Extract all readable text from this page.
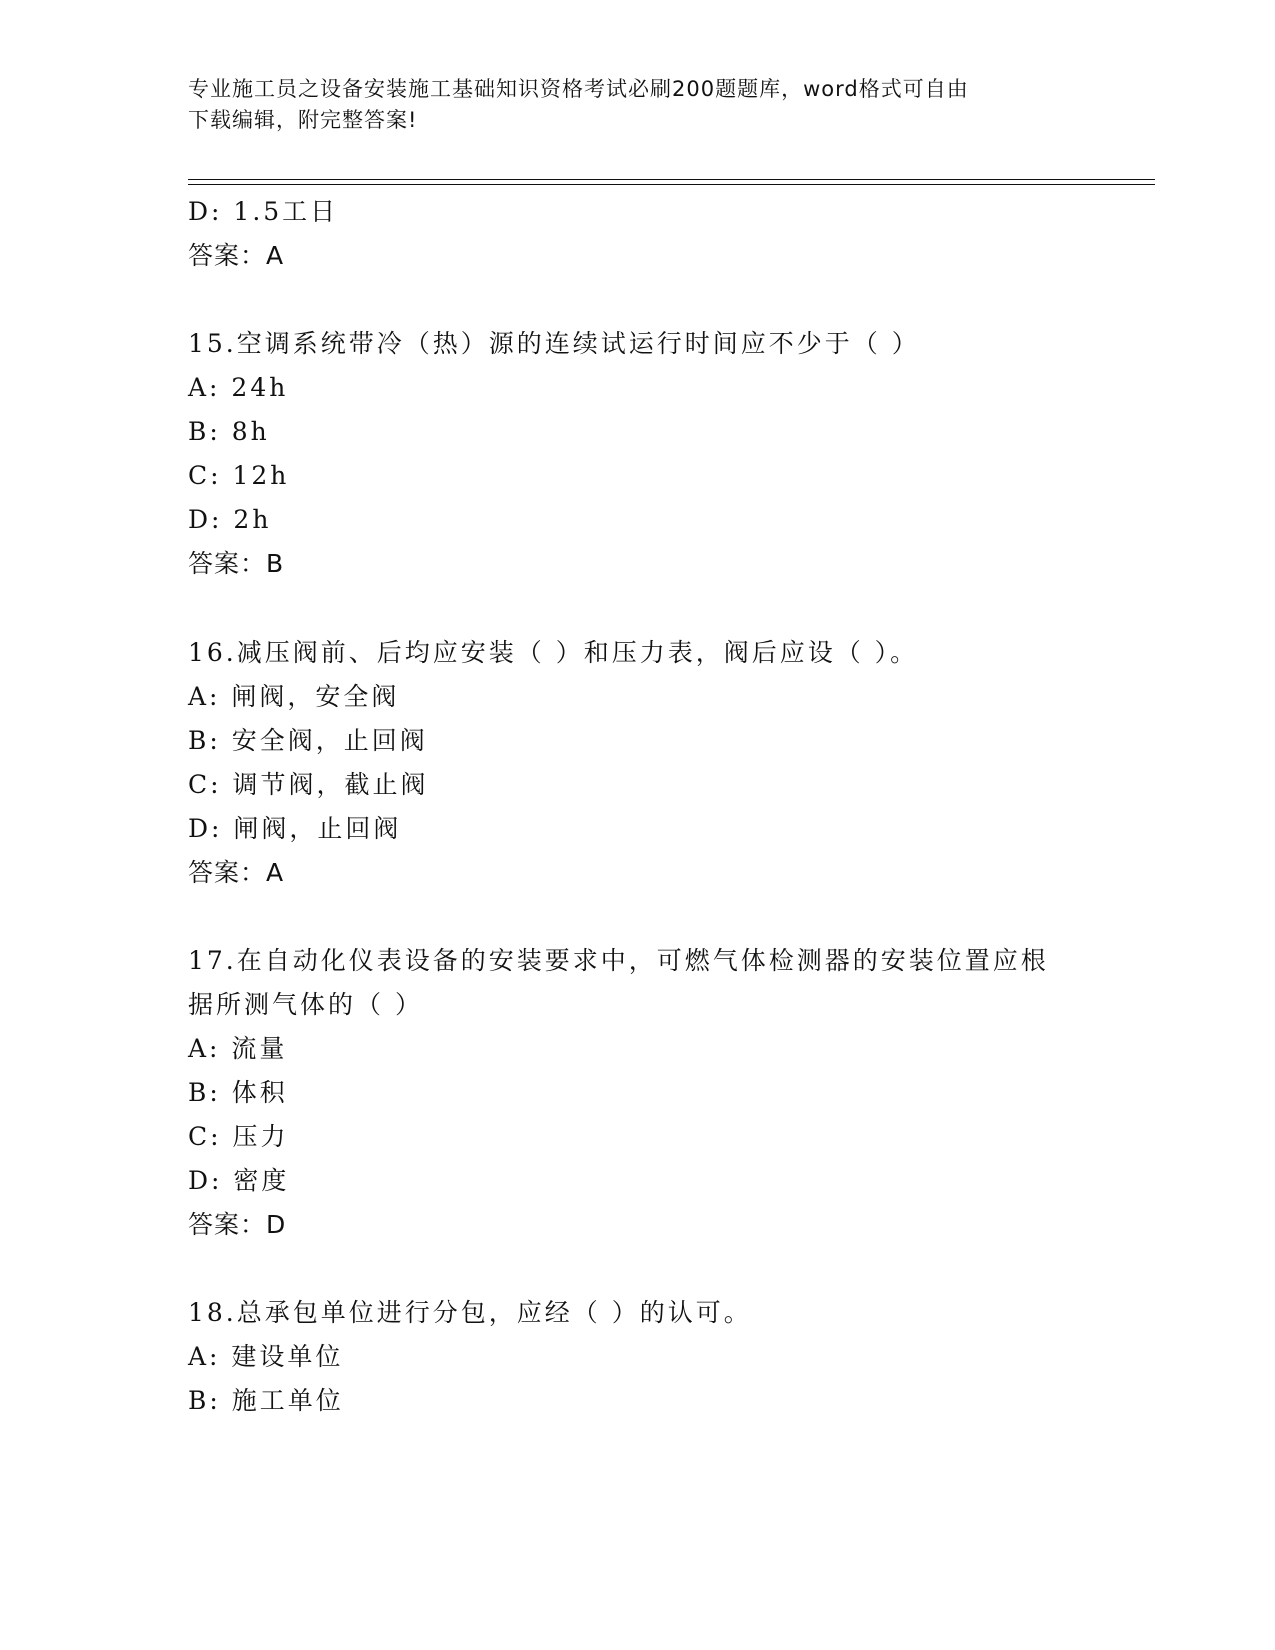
专业施工员之设备安装施工基础知识资格考试必刷200题题库，word格式可自由
下载编辑，附完整答案!
D: 1.5工日
答案：A
15.空调系统带冷（热）源的连续试运行时间应不少于（ ）
A: 24h
B: 8h
C: 12h
D: 2h
答案：B
16.减压阀前、后均应安装（ ）和压力表，阀后应设（ ）。
A: 闸阀，安全阀
B: 安全阀，止回阀
C: 调节阀，截止阀
D: 闸阀，止回阀
答案：A
17.在自动化仪表设备的安装要求中，可燃气体检测器的安装位置应根
据所测气体的（ ）
A: 流量
B: 体积
C: 压力
D: 密度
答案：D
18.总承包单位进行分包，应经（ ）的认可。
A: 建设单位
B: 施工单位
